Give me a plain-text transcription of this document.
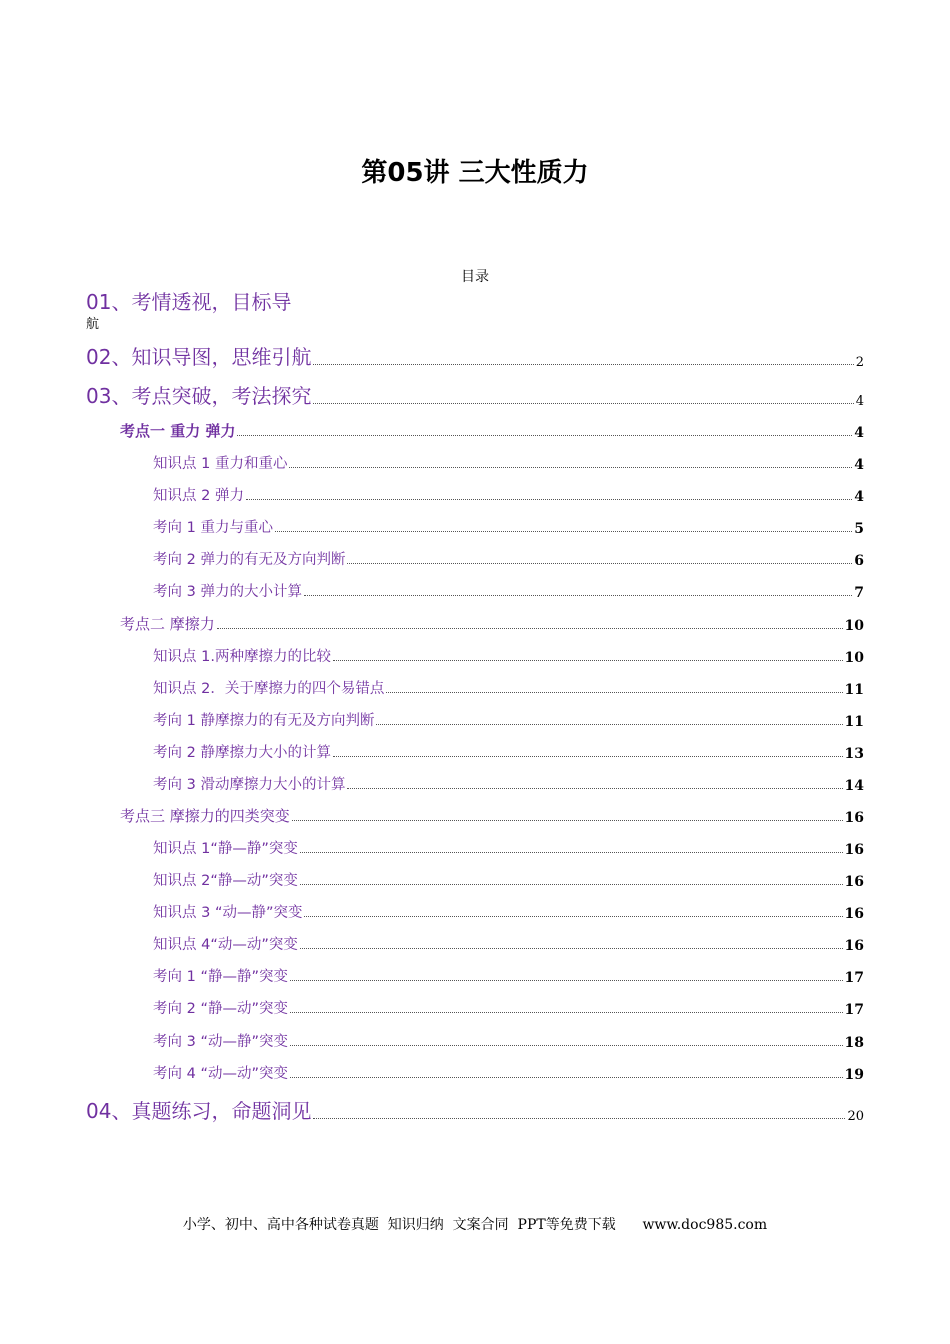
第05讲 三大性质力
目录
01、考情透视，目标导
航
02、知识导图，思维引航	2
03、考点突破，考法探究	4
考点一 重力 弹力	4
知识点 1 重力和重心	4
知识点 2 弹力	4
考向 1 重力与重心	5
考向 2 弹力的有无及方向判断	6
考向 3 弹力的大小计算	7
考点二 摩擦力	10
知识点 1.两种摩擦力的比较	10
知识点 2．关于摩擦力的四个易错点	11
考向 1 静摩擦力的有无及方向判断	11
考向 2 静摩擦力大小的计算	13
考向 3 滑动摩擦力大小的计算	14
考点三 摩擦力的四类突变	16
知识点 1“静—静”突变	16
知识点 2“静—动”突变	16
知识点 3 “动—静”突变	16
知识点 4“动—动”突变	16
考向 1 “静—静”突变	17
考向 2 “静—动”突变	17
考向 3 “动—静”突变	18
考向 4 “动—动”突变	19
04、真题练习，命题洞见	20
小学、初中、高中各种试卷真题  知识归纳  文案合同  PPT等免费下载      www.doc985.com
